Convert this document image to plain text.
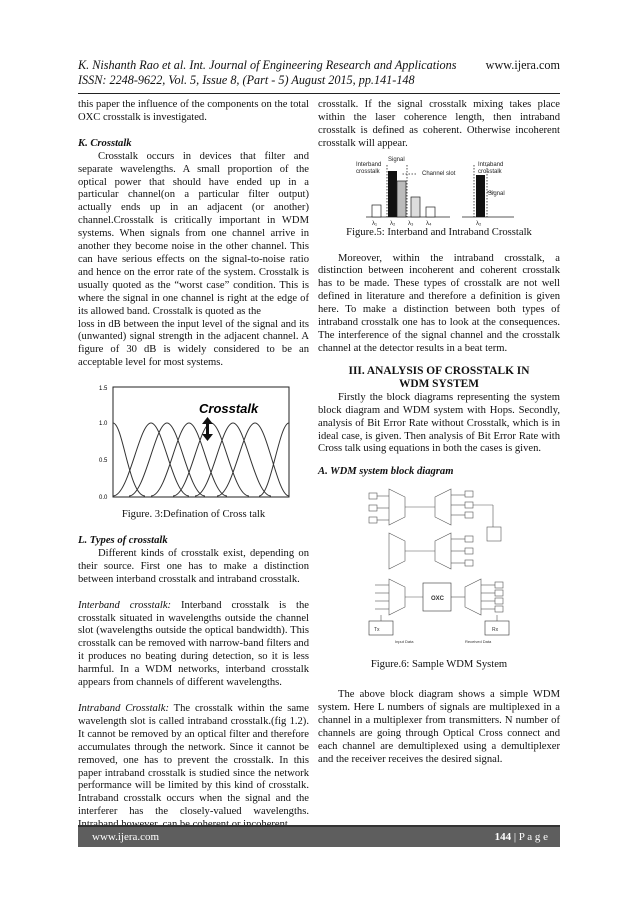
K. Nishanth Rao et al. Int. Journal of Engineering Research and Applications	www.ijera.com
ISSN: 2248-9622, Vol. 5, Issue 8, (Part - 5) August 2015, pp.141-148

this paper the influence of the components on the total OXC crosstalk is investigated.

K. Crosstalk

Crosstalk occurs in devices that filter and separate wavelengths. A small proportion of the optical power that should have ended up in a particular channel(on a particular filter output) actually ends up in an adjacent (or another) channel.Crosstalk is critically important in WDM systems. When signals from one channel arrive in another they become noise in the other channel. This can have serious effects on the signal-to-noise ratio and hence on the error rate of the system. Crosstalk is usually quoted as the “worst case” condition. This is where the signal in one channel is right at the edge of its allowed band. Crosstalk is quoted as the

loss in dB between the input level of the signal and its (unwanted) signal strength in the adjacent channel. A figure of 30 dB is widely considered to be an acceptable level for most systems.

1.5
1.0
0.5
0.0
Crosstalk

Figure. 3:Defination of Cross talk

L. Types of crosstalk

Different kinds of crosstalk exist, depending on their source. First one has to make a distinction between interband crosstalk and intraband crosstalk.

Interband crosstalk: Interband crosstalk is the crosstalk situated in wavelengths outside the channel slot (wavelengths outside the optical bandwidth). This crosstalk can be removed with narrow-band filters and it produces no beating during detection, so it is less harmful. In a WDM networks, interband crosstalk appears from channels of different wavelengths.

Intraband Crosstalk: The crosstalk within the same wavelength slot is called intraband crosstalk.(fig 1.2). It cannot be removed by an optical filter and therefore accumulates through the network. Since it cannot be removed, one has to prevent the crosstalk. In this paper intraband crosstalk is studied since the network performance will be limited by this kind of crosstalk. Intraband crosstalk occurs when the signal and the interferer has the closely-valued wavelengths.

crosstalk. If the signal crosstalk mixing takes place within the laser coherence length, then intraband crosstalk is defined as coherent. Otherwise incoherent crosstalk will appear.

Interband
crosstalk
Signal
Channel slot
Intraband
crosstalk
Signal
λ₁ λ₂ λ₃ λ₄	λ₂

Figure.5: Interband and Intraband Crosstalk

Moreover, within the intraband crosstalk, a distinction between incoherent and coherent crosstalk has to be made. These types of crosstalk are not well defined in literature and therefore a definition is given here. To make a distinction between both types of intraband crosstalk one has to look at the consequences. The interference of the signal channel and the crosstalk channel at the detector results in a beat term.

III. ANALYSIS OF CROSSTALK IN

WDM SYSTEM

Firstly the block diagrams representing the system block diagram and WDM system with Hops. Secondly, analysis of Bit Error Rate without Crosstalk, which is in ideal case, is given. Then analysis of Bit Error Rate with Cross talk using equations in both the cases is given.

A. WDM system block diagram

OXC
Tx	Rx
Input Data	Received Data

Figure.6: Sample WDM System

The above block diagram shows a simple WDM system. Here L numbers of signals are multiplexed in a channel in a multiplexer from transmitters. N number of channels are going through Optical Cross connect and each channel are demultiplexed using a demultiplexer and the receiver receives the desired signal.

www.ijera.com	144 | P a g e
